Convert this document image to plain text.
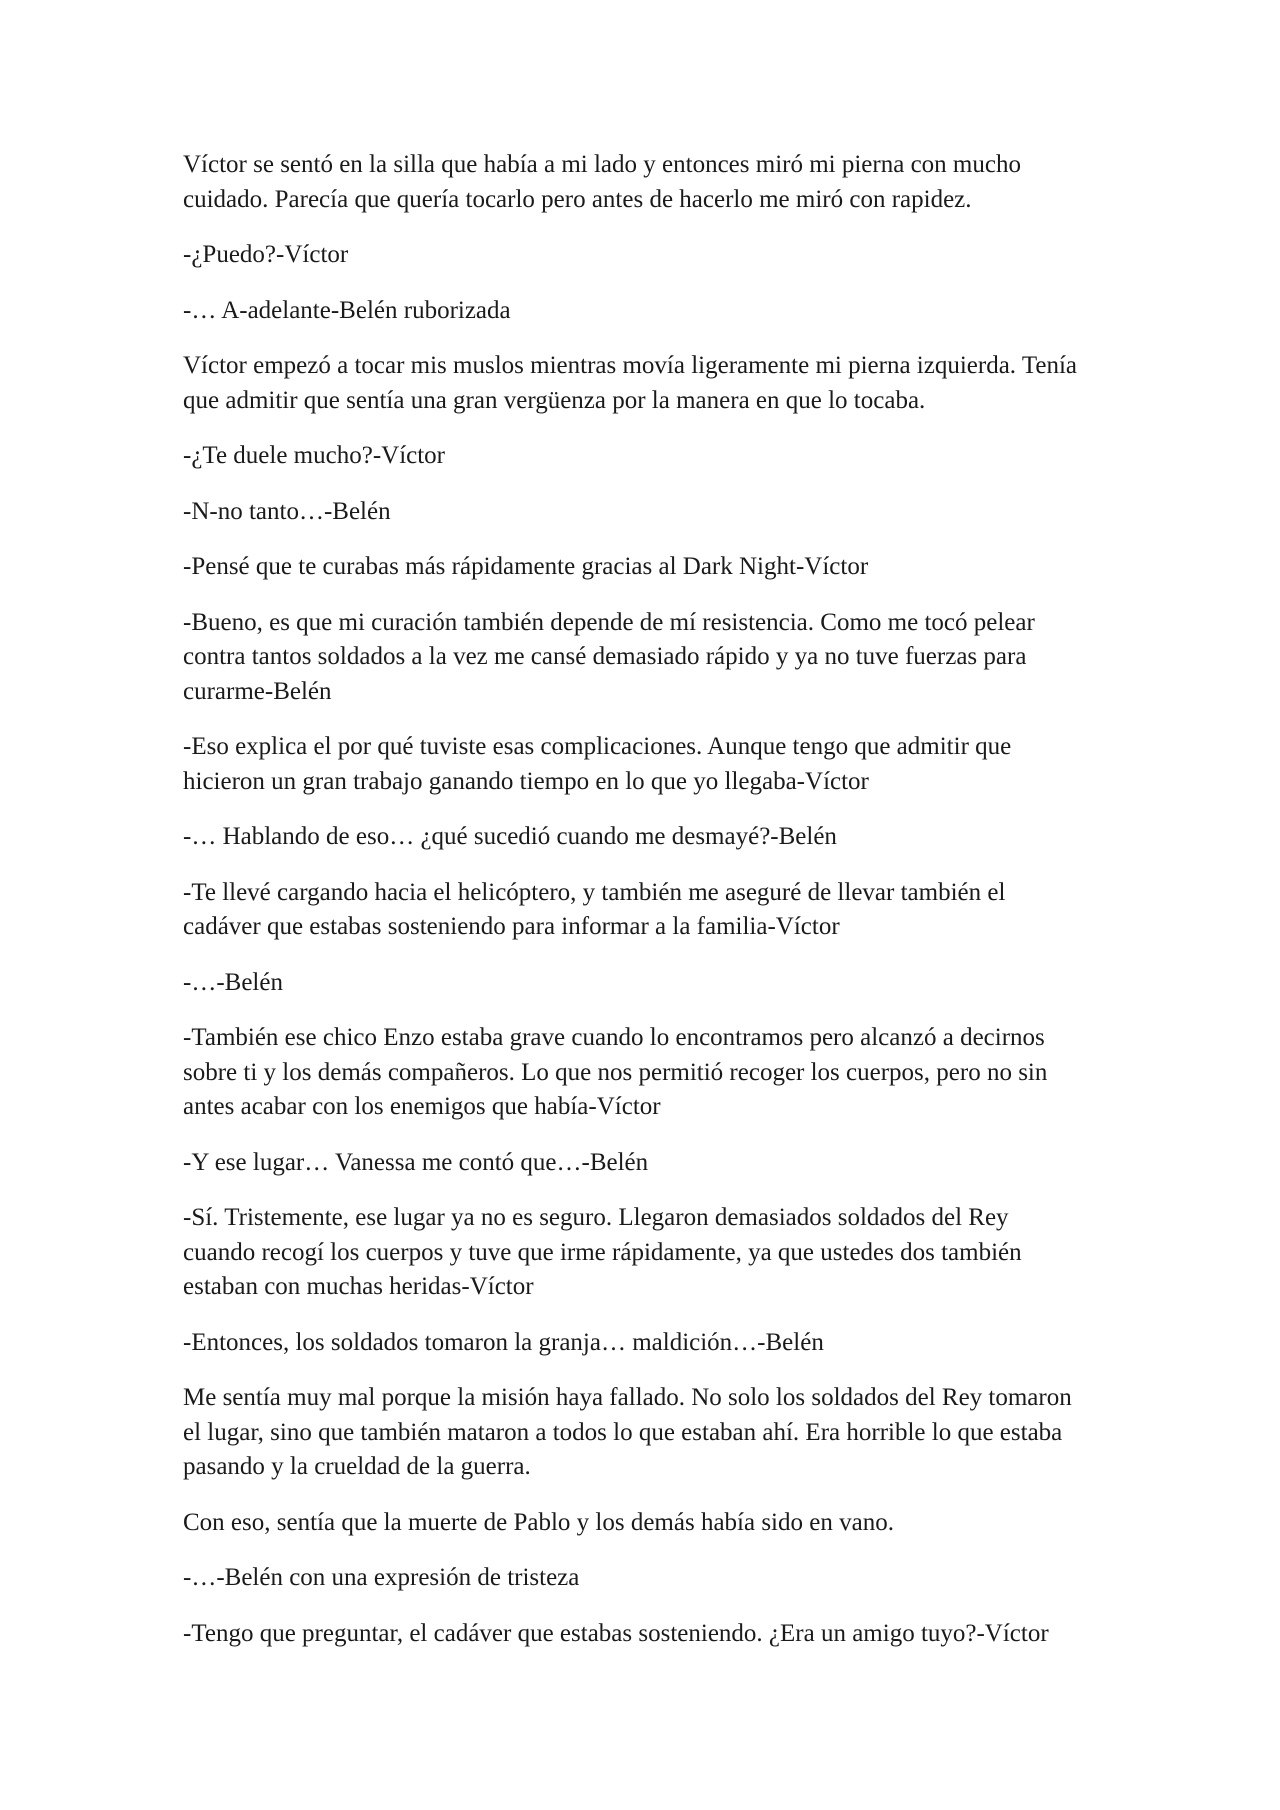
Víctor se sentó en la silla que había a mi lado y entonces miró mi pierna con mucho cuidado. Parecía que quería tocarlo pero antes de hacerlo me miró con rapidez.

-¿Puedo?-Víctor

-… A-adelante-Belén ruborizada

Víctor empezó a tocar mis muslos mientras movía ligeramente mi pierna izquierda. Tenía que admitir que sentía una gran vergüenza por la manera en que lo tocaba.

-¿Te duele mucho?-Víctor

-N-no tanto…-Belén

-Pensé que te curabas más rápidamente gracias al Dark Night-Víctor

-Bueno, es que mi curación también depende de mí resistencia. Como me tocó pelear contra tantos soldados a la vez me cansé demasiado rápido y ya no tuve fuerzas para curarme-Belén

-Eso explica el por qué tuviste esas complicaciones. Aunque tengo que admitir que hicieron un gran trabajo ganando tiempo en lo que yo llegaba-Víctor

-… Hablando de eso… ¿qué sucedió cuando me desmayé?-Belén

-Te llevé cargando hacia el helicóptero, y también me aseguré de llevar también el cadáver que estabas sosteniendo para informar a la familia-Víctor

-…-Belén

-También ese chico Enzo estaba grave cuando lo encontramos pero alcanzó a decirnos sobre ti y los demás compañeros. Lo que nos permitió recoger los cuerpos, pero no sin antes acabar con los enemigos que había-Víctor

-Y ese lugar… Vanessa me contó que…-Belén

-Sí. Tristemente, ese lugar ya no es seguro. Llegaron demasiados soldados del Rey cuando recogí los cuerpos y tuve que irme rápidamente, ya que ustedes dos también estaban con muchas heridas-Víctor

-Entonces, los soldados tomaron la granja… maldición…-Belén

Me sentía muy mal porque la misión haya fallado. No solo los soldados del Rey tomaron el lugar, sino que también mataron a todos lo que estaban ahí. Era horrible lo que estaba pasando y la crueldad de la guerra.

Con eso, sentía que la muerte de Pablo y los demás había sido en vano.

-…-Belén con una expresión de tristeza

-Tengo que preguntar, el cadáver que estabas sosteniendo. ¿Era un amigo tuyo?-Víctor
